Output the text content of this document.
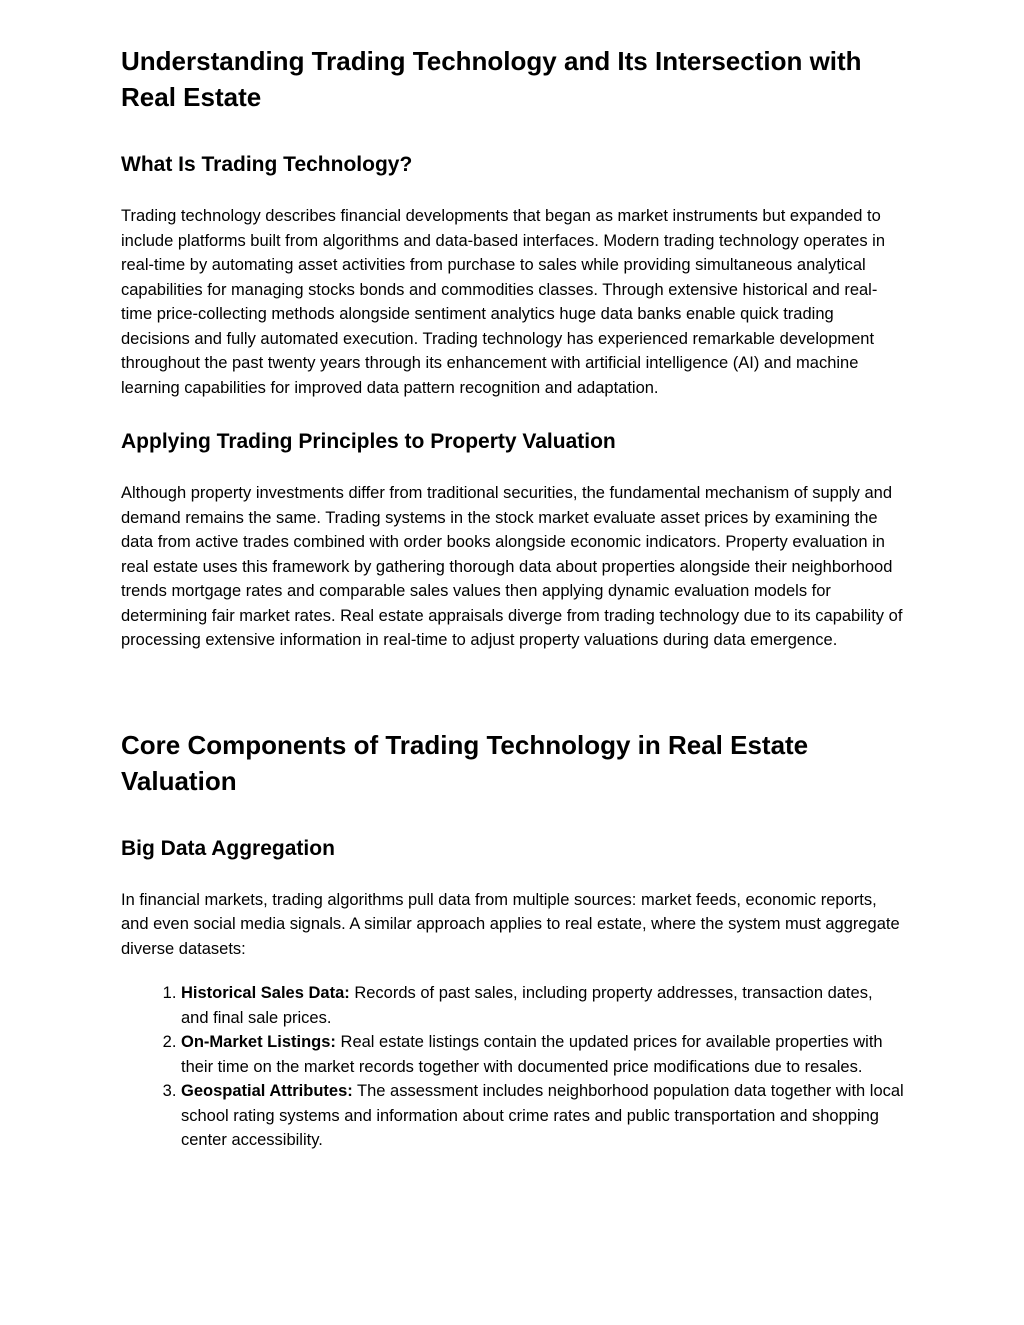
Understanding Trading Technology and Its Intersection with Real Estate
What Is Trading Technology?

Trading technology describes financial developments that began as market instruments but expanded to include platforms built from algorithms and data-based interfaces. Modern trading technology operates in real-time by automating asset activities from purchase to sales while providing simultaneous analytical capabilities for managing stocks bonds and commodities classes. Through extensive historical and real-time price-collecting methods alongside sentiment analytics huge data banks enable quick trading decisions and fully automated execution. Trading technology has experienced remarkable development throughout the past twenty years through its enhancement with artificial intelligence (AI) and machine learning capabilities for improved data pattern recognition and adaptation.

Applying Trading Principles to Property Valuation

Although property investments differ from traditional securities, the fundamental mechanism of supply and demand remains the same. Trading systems in the stock market evaluate asset prices by examining the data from active trades combined with order books alongside economic indicators. Property evaluation in real estate uses this framework by gathering thorough data about properties alongside their neighborhood trends mortgage rates and comparable sales values then applying dynamic evaluation models for determining fair market rates. Real estate appraisals diverge from trading technology due to its capability of processing extensive information in real-time to adjust property valuations during data emergence.

Core Components of Trading Technology in Real Estate Valuation
Big Data Aggregation

In financial markets, trading algorithms pull data from multiple sources: market feeds, economic reports, and even social media signals. A similar approach applies to real estate, where the system must aggregate diverse datasets:

1. Historical Sales Data: Records of past sales, including property addresses, transaction dates, and final sale prices.
2. On-Market Listings: Real estate listings contain the updated prices for available properties with their time on the market records together with documented price modifications due to resales.
3. Geospatial Attributes: The assessment includes neighborhood population data together with local school rating systems and information about crime rates and public transportation and shopping center accessibility.
